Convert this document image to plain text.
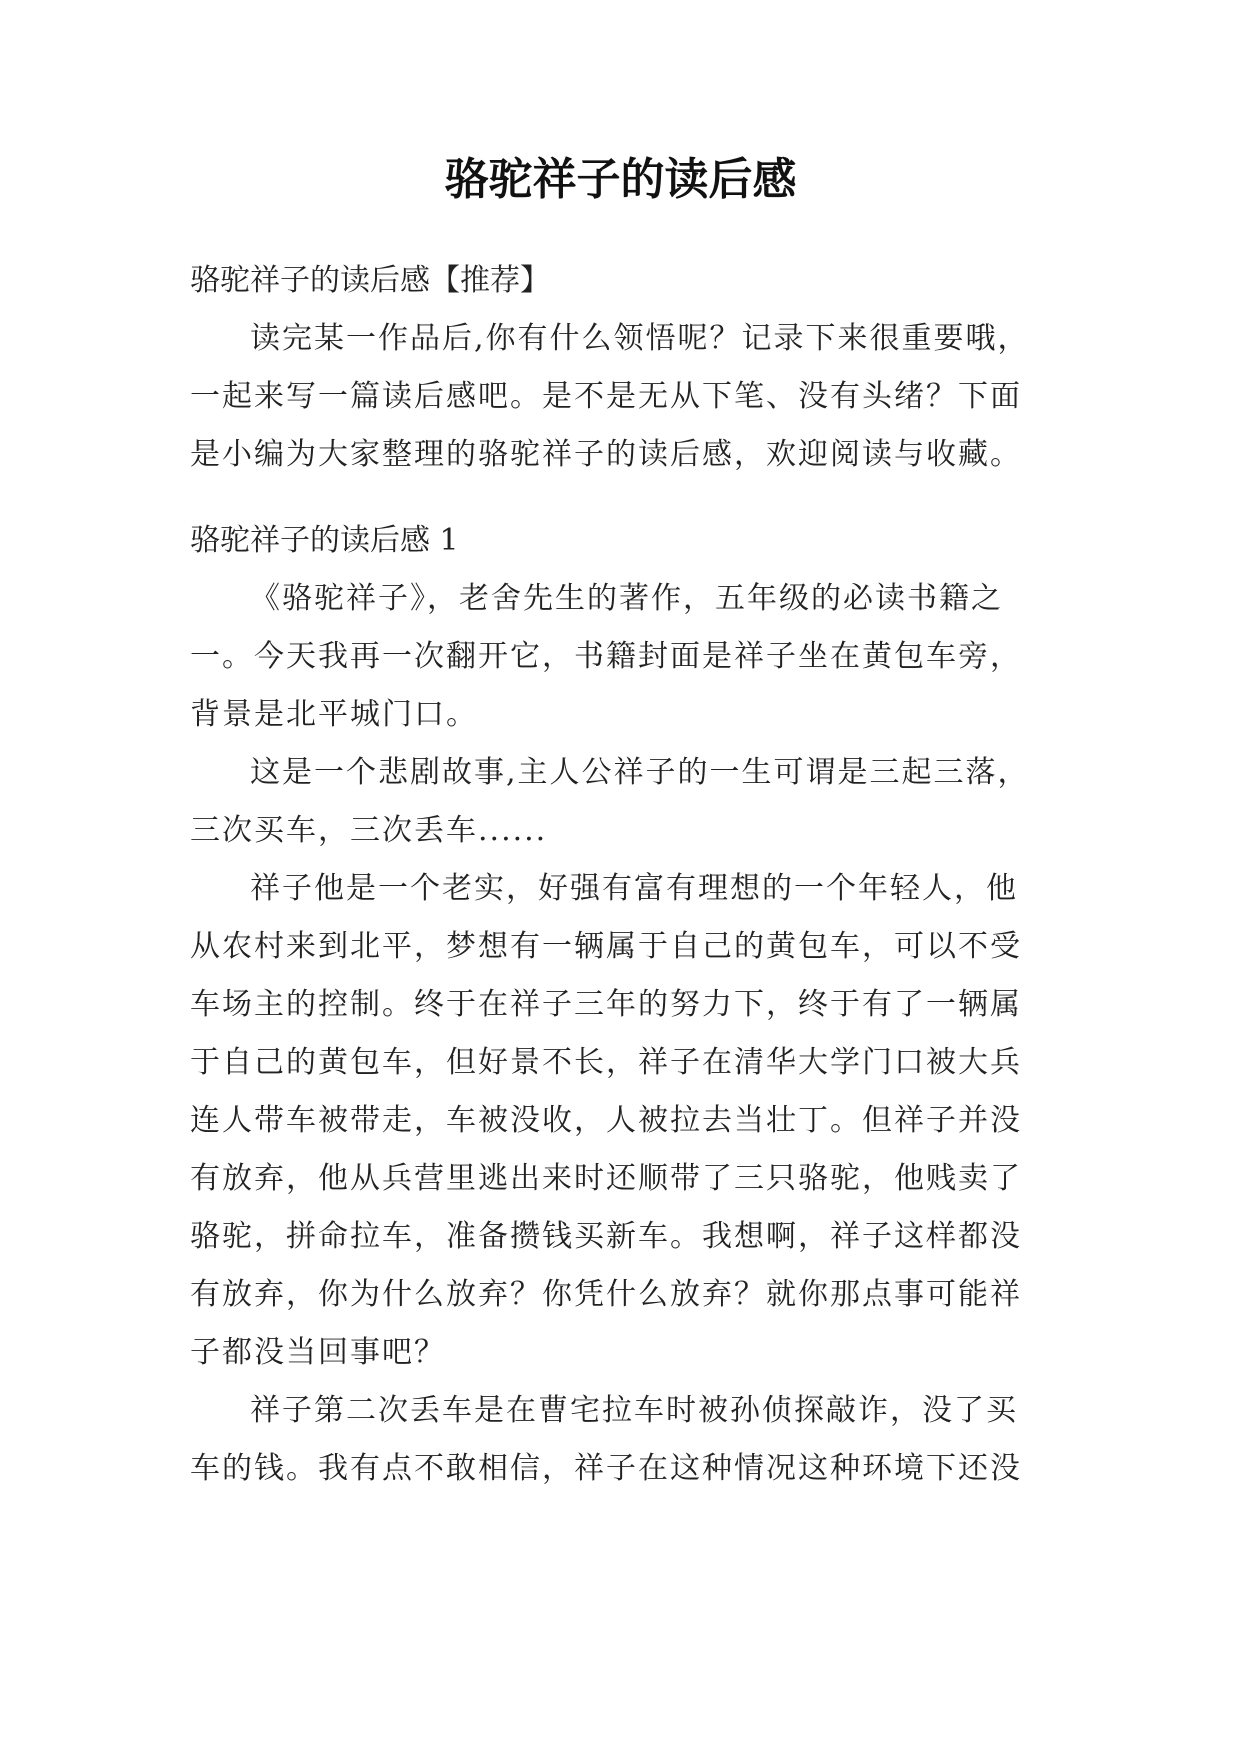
骆驼祥子的读后感
骆驼祥子的读后感【推荐】
读完某一作品后,你有什么领悟呢？记录下来很重要哦，
一起来写一篇读后感吧。是不是无从下笔、没有头绪？下面
是小编为大家整理的骆驼祥子的读后感，欢迎阅读与收藏。
骆驼祥子的读后感 1
《骆驼祥子》，老舍先生的著作，五年级的必读书籍之
一。今天我再一次翻开它，书籍封面是祥子坐在黄包车旁，
背景是北平城门口。
这是一个悲剧故事,主人公祥子的一生可谓是三起三落，
三次买车，三次丢车......
祥子他是一个老实，好强有富有理想的一个年轻人，他
从农村来到北平，梦想有一辆属于自己的黄包车，可以不受
车场主的控制。终于在祥子三年的努力下，终于有了一辆属
于自己的黄包车，但好景不长，祥子在清华大学门口被大兵
连人带车被带走，车被没收，人被拉去当壮丁。但祥子并没
有放弃，他从兵营里逃出来时还顺带了三只骆驼，他贱卖了
骆驼，拼命拉车，准备攒钱买新车。我想啊，祥子这样都没
有放弃，你为什么放弃？你凭什么放弃？就你那点事可能祥
子都没当回事吧？
祥子第二次丢车是在曹宅拉车时被孙侦探敲诈，没了买
车的钱。我有点不敢相信，祥子在这种情况这种环境下还没
